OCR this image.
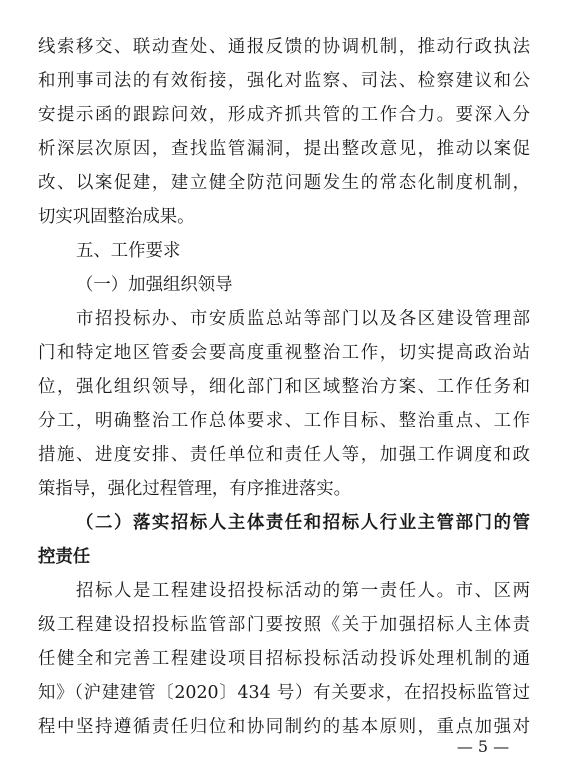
线索移交、联动查处、通报反馈的协调机制，推动行政执法
和刑事司法的有效衔接，强化对监察、司法、检察建议和公
安提示函的跟踪问效，形成齐抓共管的工作合力。要深入分
析深层次原因，查找监管漏洞，提出整改意见，推动以案促
改、以案促建，建立健全防范问题发生的常态化制度机制，
切实巩固整治成果。
五、工作要求
（一）加强组织领导
市招投标办、市安质监总站等部门以及各区建设管理部
门和特定地区管委会要高度重视整治工作，切实提高政治站
位，强化组织领导，细化部门和区域整治方案、工作任务和
分工，明确整治工作总体要求、工作目标、整治重点、工作
措施、进度安排、责任单位和责任人等，加强工作调度和政
策指导，强化过程管理，有序推进落实。
（二）落实招标人主体责任和招标人行业主管部门的管
控责任
招标人是工程建设招投标活动的第一责任人。市、区两
级工程建设招投标监管部门要按照《关于加强招标人主体责
任健全和完善工程建设项目招标投标活动投诉处理机制的通
知》（沪建建管〔2020〕434 号）有关要求，在招投标监管过
程中坚持遵循责任归位和协同制约的基本原则，重点加强对
— 5 —
